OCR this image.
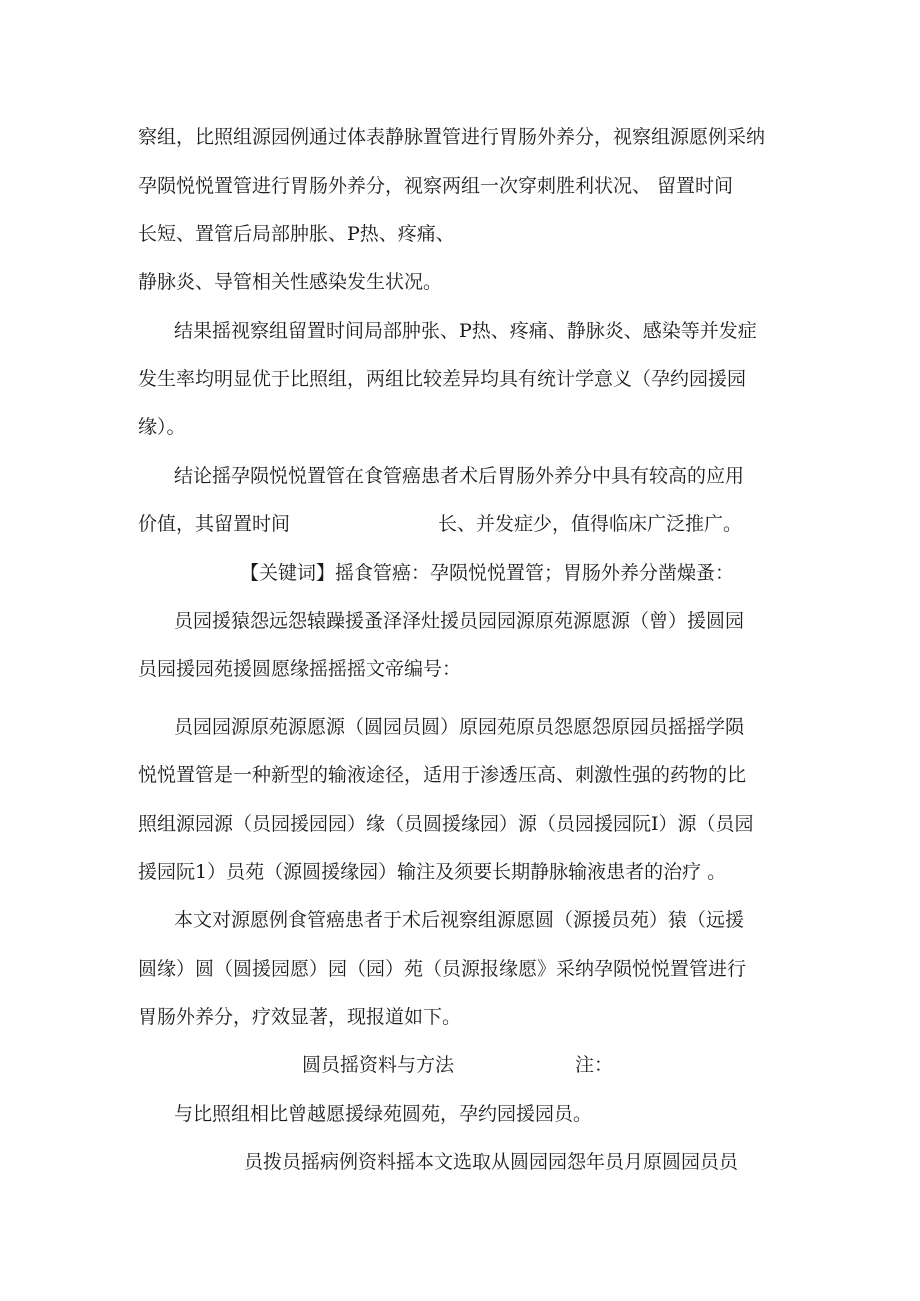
察组，比照组源园例通过体表静脉置管进行胃肠外养分，视察组源愿例采纳
孕陨悦悦置管进行胃肠外养分，视察两组一次穿刺胜利状况、 留置时间
长短、置管后局部肿胀、P热、疼痛、
静脉炎、导管相关性感染发生状况。
结果摇视察组留置时间局部肿张、P热、疼痛、静脉炎、感染等并发症
发生率均明显优于比照组，两组比较差异均具有统计学意义（孕约园援园
缘）。
结论摇孕陨悦悦置管在食管癌患者术后胃肠外养分中具有较高的应用
价值，其留置时间	长、并发症少，值得临床广泛推广。
【关键词】摇食管癌：孕陨悦悦置管；胃肠外养分凿燥蚤：
员园援猿怨远怨辕躁援蚤泽泽灶援员园园源原苑源愿源（曾）援圆园
员园援园苑援圆愿缘摇摇摇文帝编号：
员园园源原苑源愿源（圆园员圆）原园苑原员怨愿怨原园员摇摇学陨
悦悦置管是一种新型的输液途径，适用于渗透压高、刺激性强的药物的比
照组源园源（员园援园园）缘（员圆援缘园）源（员园援园阮I）源（员园
援园阮1）员苑（源圆援缘园）输注及须要长期静脉输液患者的治疗 。
本文对源愿例食管癌患者于术后视察组源愿圆（源援员苑）猿（远援
圆缘）圆（圆援园愿）园（园）苑（员源报缘愿》采纳孕陨悦悦置管进行
胃肠外养分，疗效显著，现报道如下。
圆员摇资料与方法	注：
与比照组相比曾越愿援绿苑圆苑，孕约园援园员。
员拨员摇病例资料摇本文选取从圆园园怨年员月原圆园员员
